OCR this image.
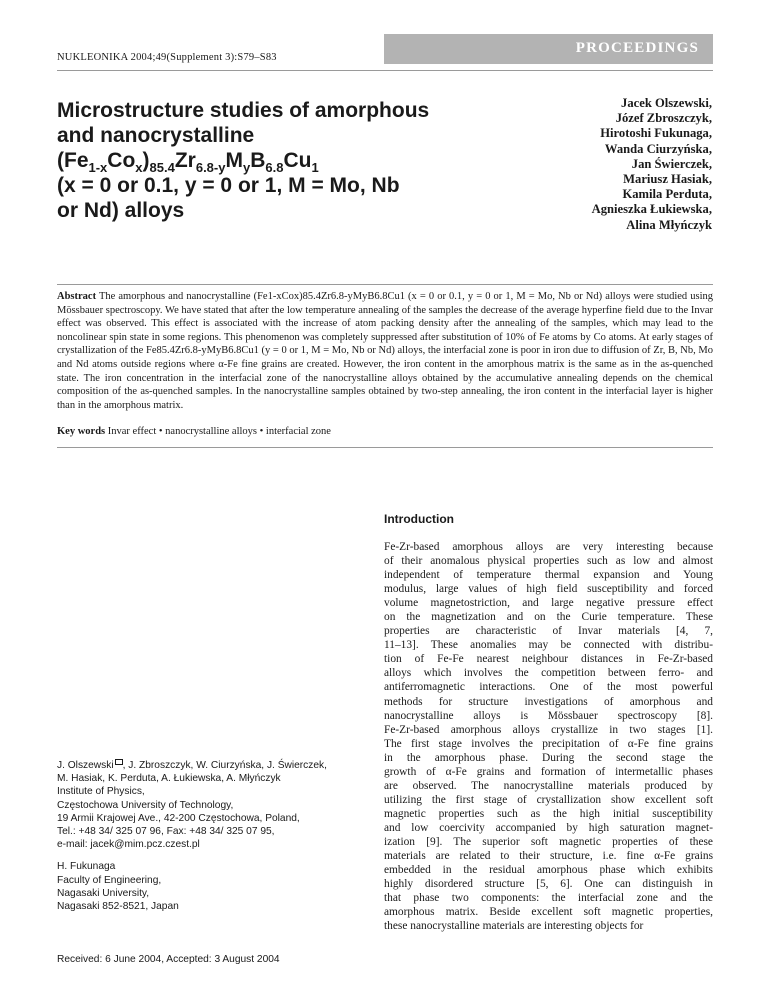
NUKLEONIKA 2004;49(Supplement 3):S79–S83
PROCEEDINGS
Microstructure studies of amorphous
and nanocrystalline
$(Fe_{1-x}Co_x)_{85.4}Zr_{6.8-y}M_yB_{6.8}Cu_1$
(x = 0 or 0.1, y = 0 or 1, M = Mo, Nb
or Nd) alloys
Jacek Olszewski,
Józef Zbroszczyk,
Hirotoshi Fukunaga,
Wanda Ciurzyńska,
Jan Świerczek,
Mariusz Hasiak,
Kamila Perduta,
Agnieszka Łukiewska,
Alina Młyńczyk
Abstract The amorphous and nanocrystalline (Fe1-xCox)85.4Zr6.8-yMyB6.8Cu1 (x = 0 or 0.1, y = 0 or 1, M = Mo, Nb or Nd) alloys were studied using Mössbauer spectroscopy. We have stated that after the low temperature annealing of the samples the decrease of the average hyperfine field due to the Invar effect was observed. This effect is associated with the increase of atom packing density after the annealing of the samples, which may lead to the noncolinear spin state in some regions. This phenomenon was completely suppressed after substitution of 10% of Fe atoms by Co atoms. At early stages of crystallization of the Fe85.4Zr6.8-yMyB6.8Cu1 (y = 0 or 1, M = Mo, Nb or Nd) alloys, the interfacial zone is poor in iron due to diffusion of Zr, B, Nb, Mo and Nd atoms outside regions where α-Fe fine grains are created. However, the iron content in the amorphous matrix is the same as in the as-quenched state. The iron concentration in the interfacial zone of the nanocrystalline alloys obtained by the accumulative annealing depends on the chemical composition of the as-quenched samples. In the nanocrystalline samples obtained by two-step annealing, the iron content in the interfacial layer is higher than in the amorphous matrix.
Key words Invar effect • nanocrystalline alloys • interfacial zone
Introduction
Fe-Zr-based amorphous alloys are very interesting because
of their anomalous physical properties such as low and almost
independent of temperature thermal expansion and Young
modulus, large values of high field susceptibility and forced
volume magnetostriction, and large negative pressure effect
on the magnetization and on the Curie temperature. These
properties are characteristic of Invar materials [4, 7,
11–13]. These anomalies may be connected with distribu-
tion of Fe-Fe nearest neighbour distances in Fe-Zr-based
alloys which involves the competition between ferro- and
antiferromagnetic interactions. One of the most powerful
methods for structure investigations of amorphous and
nanocrystalline alloys is Mössbauer spectroscopy [8].
Fe-Zr-based amorphous alloys crystallize in two stages [1].
The first stage involves the precipitation of α-Fe fine grains
in the amorphous phase. During the second stage the
growth of α-Fe grains and formation of intermetallic phases
are observed. The nanocrystalline materials produced by
utilizing the first stage of crystallization show excellent soft
magnetic properties such as the high initial susceptibility
and low coercivity accompanied by high saturation magnet-
ization [9]. The superior soft magnetic properties of these
materials are related to their structure, i.e. fine α-Fe grains
embedded in the residual amorphous phase which exhibits
highly disordered structure [5, 6]. One can distinguish in
that phase two components: the interfacial zone and the
amorphous matrix. Beside excellent soft magnetic properties,
these nanocrystalline materials are interesting objects for
J. Olszewski , J. Zbroszczyk, W. Ciurzyńska, J. Świerczek,
M. Hasiak, K. Perduta, A. Łukiewska, A. Młyńczyk
Institute of Physics,
Częstochowa University of Technology,
19 Armii Krajowej Ave., 42-200 Częstochowa, Poland,
Tel.: +48 34/ 325 07 96, Fax: +48 34/ 325 07 95,
e-mail: jacek@mim.pcz.czest.pl
H. Fukunaga
Faculty of Engineering,
Nagasaki University,
Nagasaki 852-8521, Japan
Received: 6 June 2004, Accepted: 3 August 2004
